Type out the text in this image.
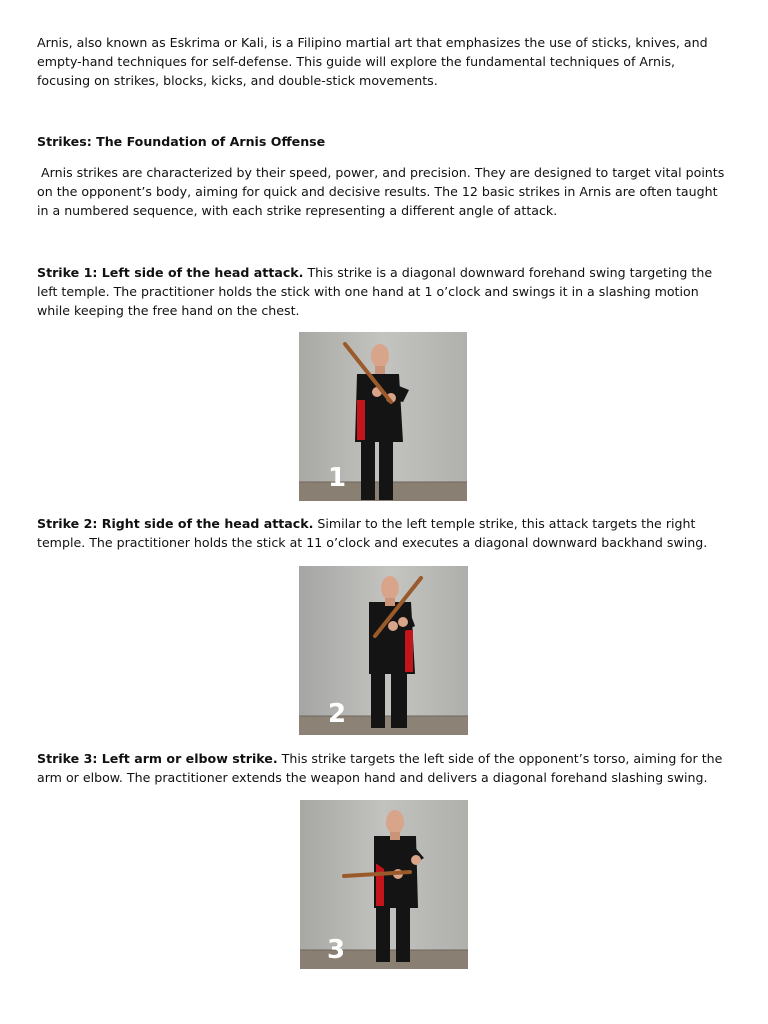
Arnis, also known as Eskrima or Kali, is a Filipino martial art that emphasizes the use of sticks, knives, and empty-hand techniques for self-defense. This guide will explore the fundamental techniques of Arnis, focusing on strikes, blocks, kicks, and double-stick movements.

Strikes: The Foundation of Arnis Offense

Arnis strikes are characterized by their speed, power, and precision. They are designed to target vital points on the opponent’s body, aiming for quick and decisive results. The 12 basic strikes in Arnis are often taught in a numbered sequence, with each strike representing a different angle of attack.

Strike 1: Left side of the head attack. This strike is a diagonal downward forehand swing targeting the left temple. The practitioner holds the stick with one hand at 1 o’clock and swings it in a slashing motion while keeping the free hand on the chest.

1

Strike 2: Right side of the head attack. Similar to the left temple strike, this attack targets the right temple. The practitioner holds the stick at 11 o’clock and executes a diagonal downward backhand swing.

2

Strike 3: Left arm or elbow strike. This strike targets the left side of the opponent’s torso, aiming for the arm or elbow. The practitioner extends the weapon hand and delivers a diagonal forehand slashing swing.

3
